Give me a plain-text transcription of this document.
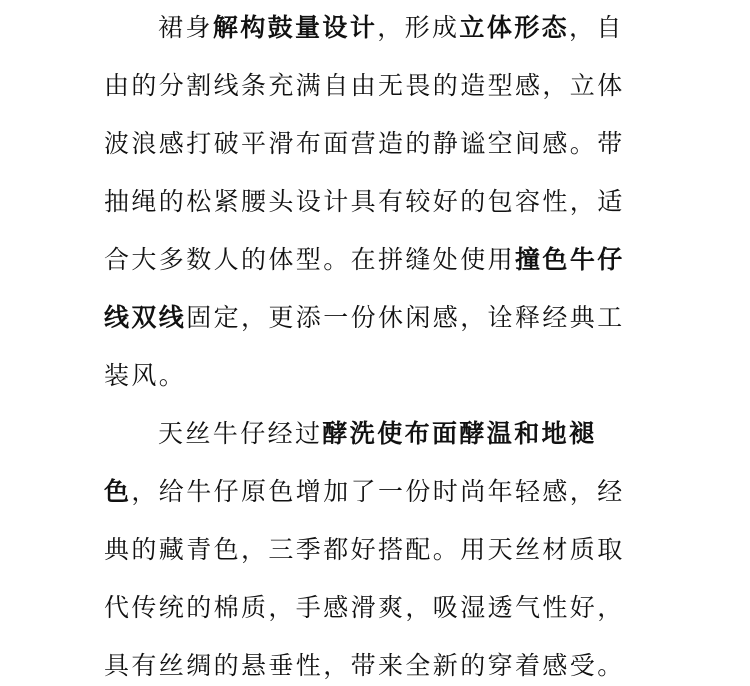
裙身解构鼓量设计，形成立体形态，自
由的分割线条充满自由无畏的造型感，立体
波浪感打破平滑布面营造的静谧空间感。带
抽绳的松紧腰头设计具有较好的包容性，适
合大多数人的体型。在拼缝处使用撞色牛仔
线双线固定，更添一份休闲感，诠释经典工
装风。
天丝牛仔经过酵洗使布面酵温和地褪
色，给牛仔原色增加了一份时尚年轻感，经
典的藏青色，三季都好搭配。用天丝材质取
代传统的棉质，手感滑爽，吸湿透气性好，
具有丝绸的悬垂性，带来全新的穿着感受。
